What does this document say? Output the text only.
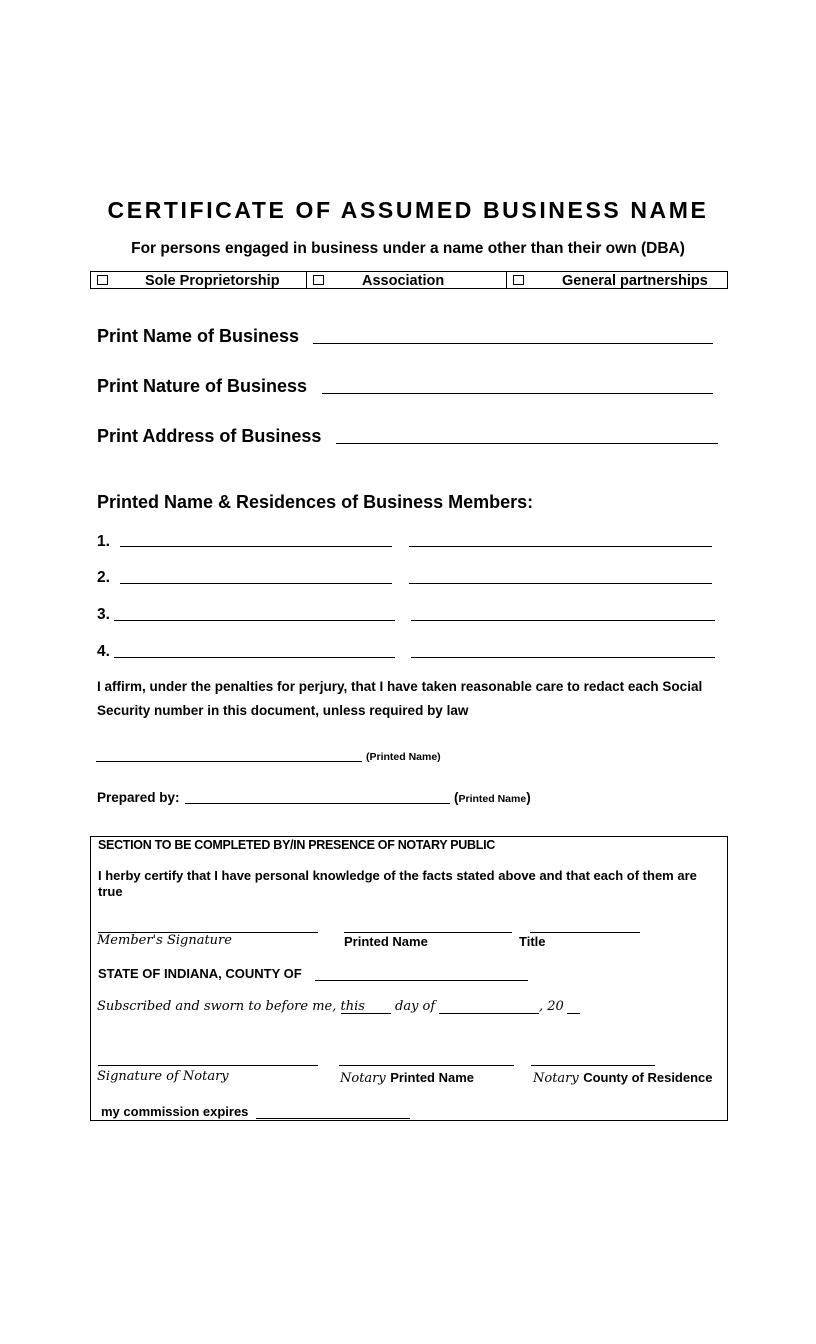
CERTIFICATE OF ASSUMED BUSINESS NAME
For persons engaged in business under a name other than their own (DBA)
Sole Proprietorship	Association	General partnerships
Print Name of Business
Print Nature of Business
Print Address of Business
Printed Name & Residences of Business Members:
1.
2.
3.
4.
I affirm, under the penalties for perjury, that I have taken reasonable care to redact each Social Security number in this document, unless required by law
(Printed Name)
Prepared by:	(Printed Name)
SECTION TO BE COMPLETED BY/IN PRESENCE OF NOTARY PUBLIC
I herby certify that I have personal knowledge of the facts stated above and that each of them are true
Member's Signature	Printed Name	Title
STATE OF INDIANA, COUNTY OF
Subscribed and sworn to before me, this day of	, 20
Signature of Notary	Notary Printed Name	Notary County of Residence
my commission expires
